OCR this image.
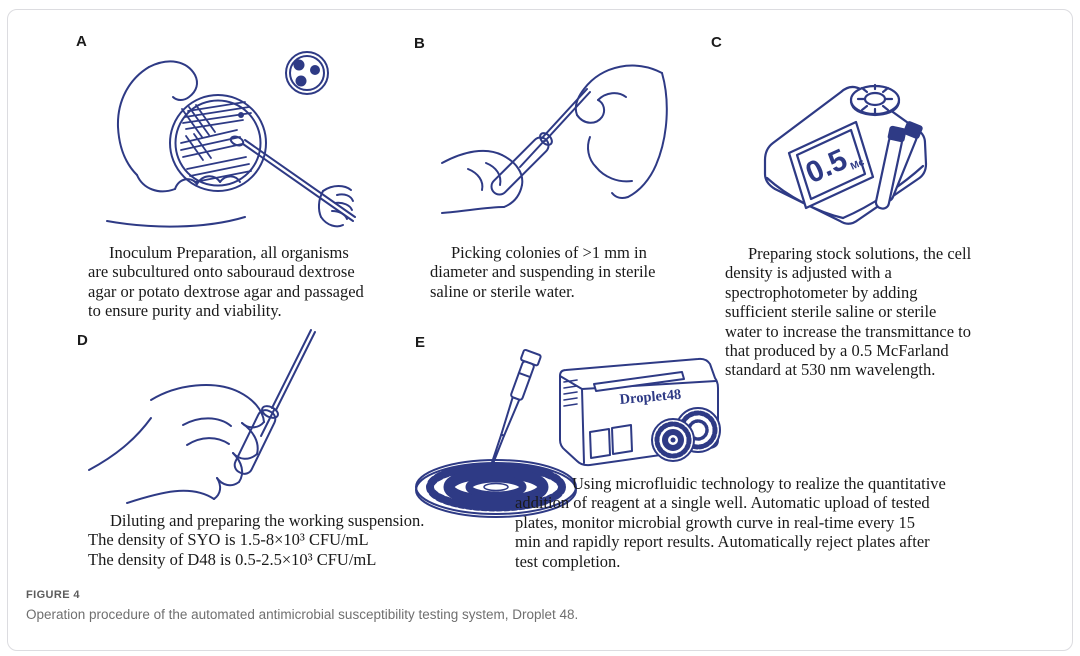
A
Inoculum Preparation, all organisms
are subcultured onto sabouraud dextrose
agar or potato dextrose agar and passaged
to ensure purity and viability.
B
Picking colonies of >1 mm in
diameter and suspending in sterile
saline or sterile water.
C
0.5
Mc
Preparing stock solutions, the cell
density is adjusted with a
spectrophotometer by adding
sufficient sterile saline or sterile
water to increase the transmittance to
that produced by a 0.5 McFarland
standard at 530 nm wavelength.
D
Diluting and preparing the working suspension.
The density of SYO is 1.5-8×10³ CFU/mL
The density of D48 is 0.5-2.5×10³ CFU/mL
E
Droplet48
Using microfluidic technology to realize the quantitative
addition of reagent at a single well. Automatic upload of tested
plates, monitor microbial growth curve in real-time every 15
min and rapidly report results. Automatically reject plates after
test completion.
FIGURE 4
Operation procedure of the automated antimicrobial susceptibility testing system, Droplet 48.
